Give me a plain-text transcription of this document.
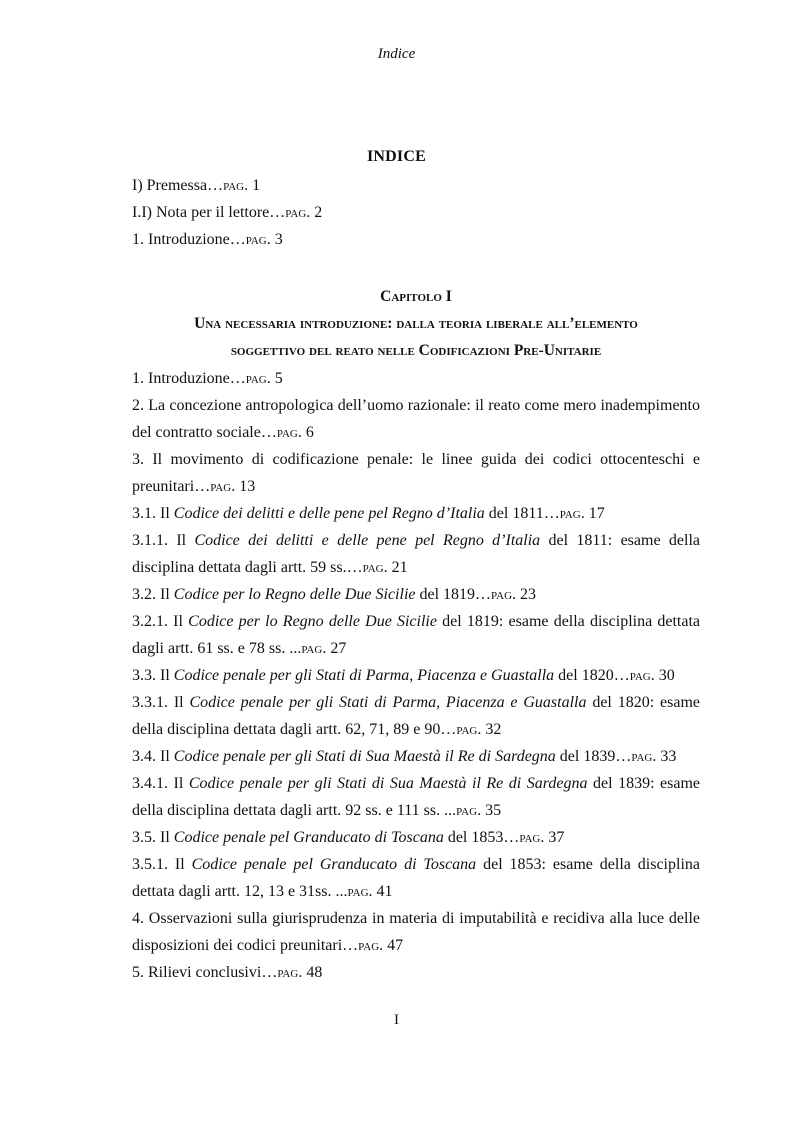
Indice
INDICE

I) Premessa…pag. 1

I.I) Nota per il lettore…pag. 2

1. Introduzione…pag. 3

Capitolo I

Una necessaria introduzione: dalla teoria liberale all’elemento

soggettivo del reato nelle Codificazioni Pre-Unitarie

1. Introduzione…pag. 5

2. La concezione antropologica dell’uomo razionale: il reato come mero inadempimento del contratto sociale…pag. 6

3. Il movimento di codificazione penale: le linee guida dei codici ottocenteschi e preunitari…pag. 13

3.1. Il Codice dei delitti e delle pene pel Regno d’Italia del 1811…pag. 17

3.1.1. Il Codice dei delitti e delle pene pel Regno d’Italia del 1811: esame della disciplina dettata dagli artt. 59 ss.…pag. 21

3.2. Il Codice per lo Regno delle Due Sicilie del 1819…pag. 23

3.2.1. Il Codice per lo Regno delle Due Sicilie del 1819: esame della disciplina dettata dagli artt. 61 ss. e 78 ss. ...pag. 27

3.3. Il Codice penale per gli Stati di Parma, Piacenza e Guastalla del 1820…pag. 30

3.3.1. Il Codice penale per gli Stati di Parma, Piacenza e Guastalla del 1820: esame della disciplina dettata dagli artt. 62, 71, 89 e 90…pag. 32

3.4. Il Codice penale per gli Stati di Sua Maestà il Re di Sardegna del 1839…pag. 33

3.4.1. Il Codice penale per gli Stati di Sua Maestà il Re di Sardegna del 1839: esame della disciplina dettata dagli artt. 92 ss. e 111 ss. ...pag. 35

3.5. Il Codice penale pel Granducato di Toscana del 1853…pag. 37

3.5.1. Il Codice penale pel Granducato di Toscana del 1853: esame della disciplina dettata dagli artt. 12, 13 e 31ss. ...pag. 41

4. Osservazioni sulla giurisprudenza in materia di imputabilità e recidiva alla luce delle disposizioni dei codici preunitari…pag. 47

5. Rilievi conclusivi…pag. 48

I
